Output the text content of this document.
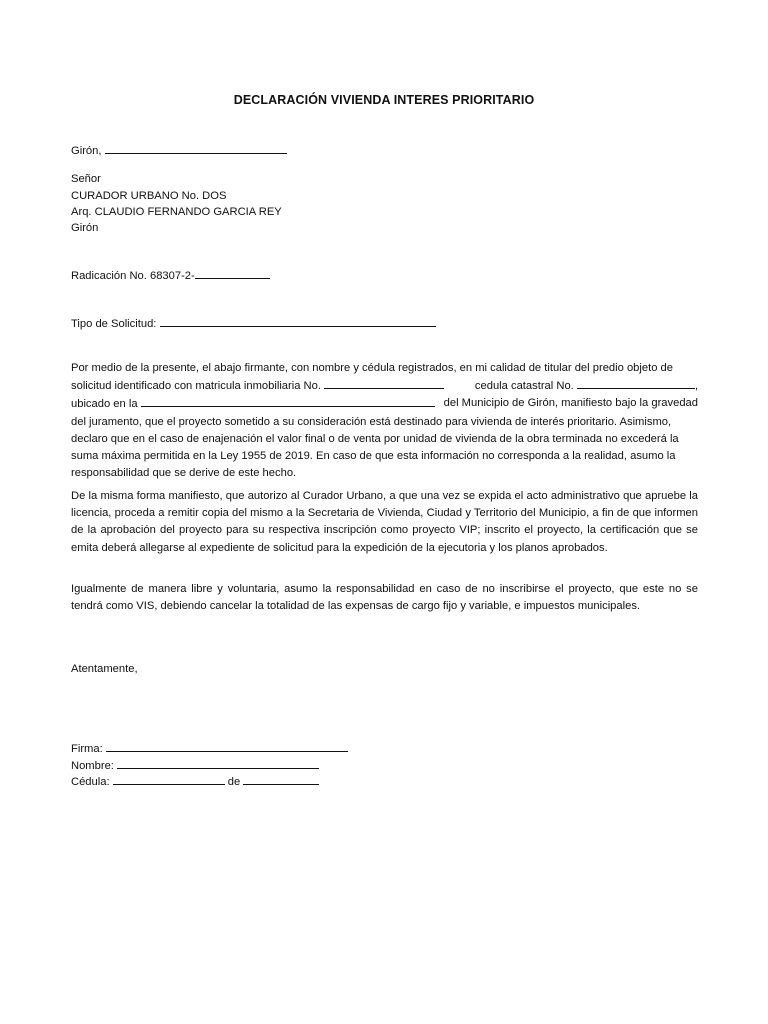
DECLARACIÓN VIVIENDA INTERES PRIORITARIO
Girón,
Señor
CURADOR URBANO No. DOS
Arq. CLAUDIO FERNANDO GARCIA REY
Girón
Radicación No. 68307-2-
Tipo de Solicitud:

Por medio de la presente, el abajo firmante, con nombre y cédula registrados, en mi calidad de titular del predio objeto de

solicitud identificado con matricula inmobiliaria No.	cedula catastral No.	,

ubicado en la	del Municipio de Girón, manifiesto bajo la gravedad

del juramento, que el proyecto sometido a su consideración está destinado para vivienda de interés prioritario. Asimismo, declaro que en el caso de enajenación el valor final o de venta por unidad de vivienda de la obra terminada no excederá la suma máxima permitida en la Ley 1955 de 2019. En caso de que esta información no corresponda a la realidad, asumo la responsabilidad que se derive de este hecho.

De la misma forma manifiesto, que autorizo al Curador Urbano, a que una vez se expida el acto administrativo que apruebe la licencia, proceda a remitir copia del mismo a la Secretaria de Vivienda, Ciudad y Territorio del Municipio, a fin de que informen de la aprobación del proyecto para su respectiva inscripción como proyecto VIP; inscrito el proyecto, la certificación que se emita deberá allegarse al expediente de solicitud para la expedición de la ejecutoria y los planos aprobados.

Igualmente de manera libre y voluntaria, asumo la responsabilidad en caso de no inscribirse el proyecto, que este no se tendrá como VIS, debiendo cancelar la totalidad de las expensas de cargo fijo y variable, e impuestos municipales.

Atentamente,
Firma:
Nombre:
Cédula:	de
